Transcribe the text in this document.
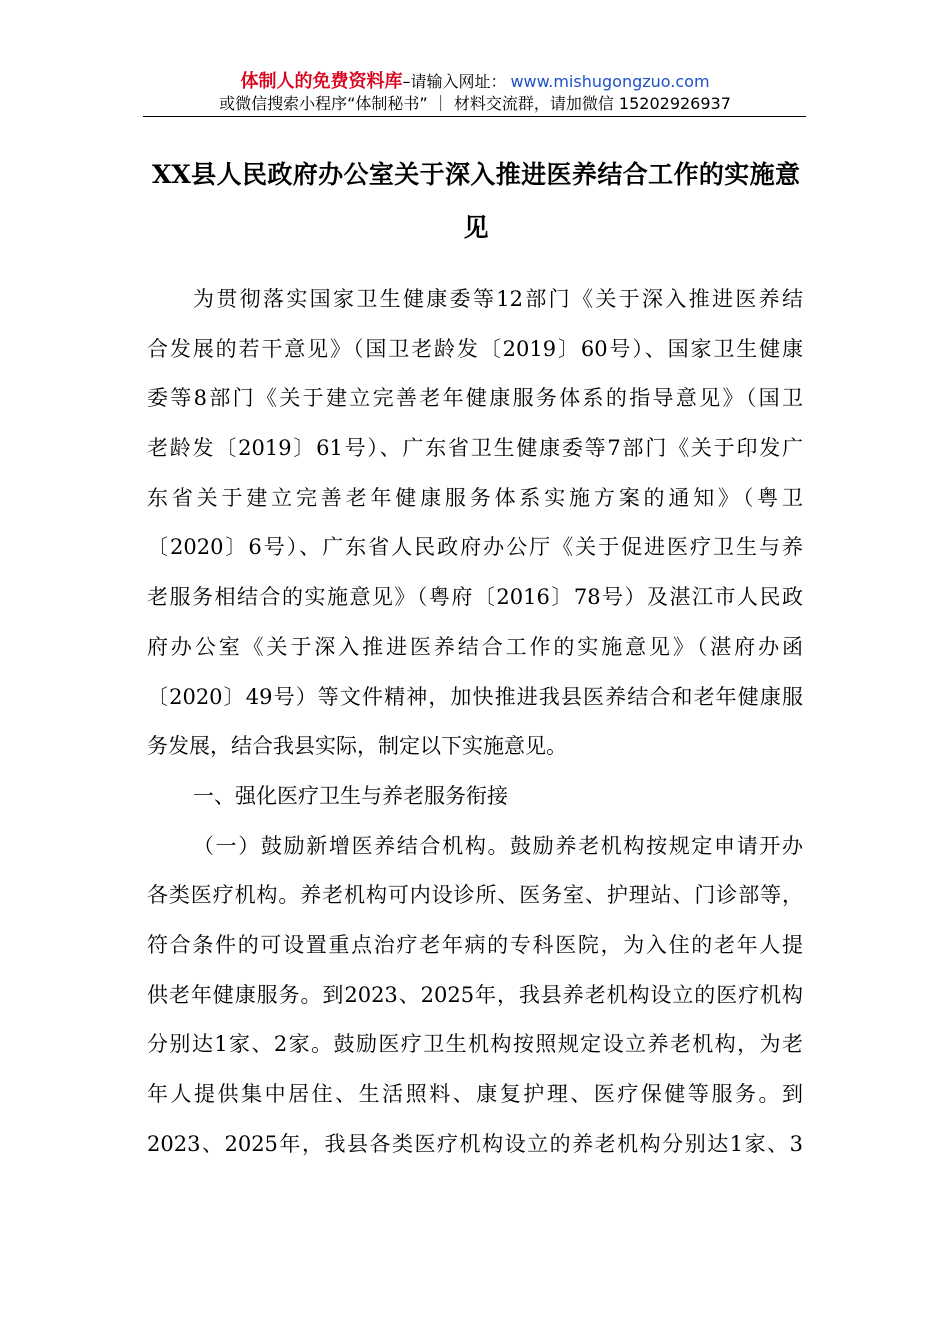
体制人的免费资料库–请输入网址： www.mishugongzuo.com
或微信搜索小程序“体制秘书” ｜ 材料交流群，请加微信 15202926937
XX县人民政府办公室关于深入推进医养结合工作的实施意
见
为贯彻落实国家卫生健康委等12部门《关于深入推进医养结
合发展的若干意见》（国卫老龄发〔2019〕60号）、国家卫生健康
委等8部门《关于建立完善老年健康服务体系的指导意见》（国卫
老龄发〔2019〕61号）、广东省卫生健康委等7部门《关于印发广
东省关于建立完善老年健康服务体系实施方案的通知》（粤卫
〔2020〕6号）、广东省人民政府办公厅《关于促进医疗卫生与养
老服务相结合的实施意见》（粤府〔2016〕78号）及湛江市人民政
府办公室《关于深入推进医养结合工作的实施意见》（湛府办函
〔2020〕49号）等文件精神，加快推进我县医养结合和老年健康服
务发展，结合我县实际，制定以下实施意见。
一、强化医疗卫生与养老服务衔接
（一）鼓励新增医养结合机构。鼓励养老机构按规定申请开办
各类医疗机构。养老机构可内设诊所、医务室、护理站、门诊部等，
符合条件的可设置重点治疗老年病的专科医院，为入住的老年人提
供老年健康服务。到2023、2025年，我县养老机构设立的医疗机构
分别达1家、2家。鼓励医疗卫生机构按照规定设立养老机构，为老
年人提供集中居住、生活照料、康复护理、医疗保健等服务。到
2023、2025年，我县各类医疗机构设立的养老机构分别达1家、3
